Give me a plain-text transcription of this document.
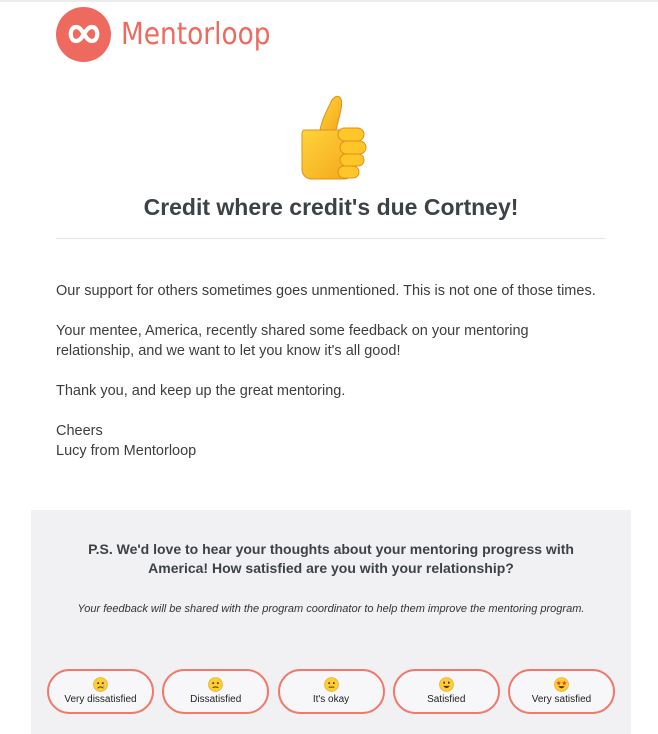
Mentorloop
Credit where credit's due Cortney!

Our support for others sometimes goes unmentioned. This is not one of those times.

Your mentee, America, recently shared some feedback on your mentoring relationship, and we want to let you know it's all good!

Thank you, and keep up the great mentoring.

Cheers
Lucy from Mentorloop
P.S. We'd love to hear your thoughts about your mentoring progress with America! How satisfied are you with your relationship?
Your feedback will be shared with the program coordinator to help them improve the mentoring program.
Very dissatisfied	Dissatisfied	It's okay	Satisfied	Very satisfied
